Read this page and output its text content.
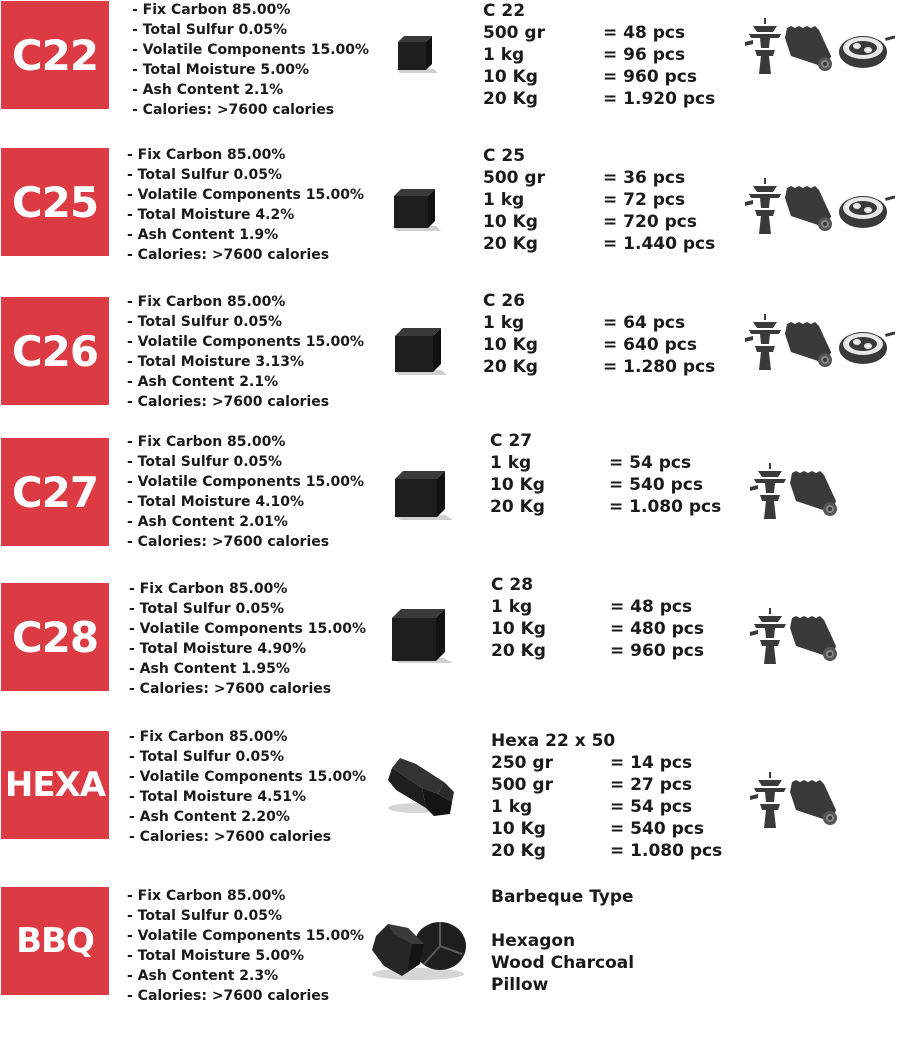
C22
- Fix Carbon 85.00%
- Total Sulfur 0.05%
- Volatile Components 15.00%
- Total Moisture 5.00%
- Ash Content 2.1%
- Calories: >7600 calories
C 22
500 gr	= 48 pcs
1 kg	= 96 pcs
10 Kg	= 960 pcs
20 Kg	= 1.920 pcs
C25
- Fix Carbon 85.00%
- Total Sulfur 0.05%
- Volatile Components 15.00%
- Total Moisture 4.2%
- Ash Content 1.9%
- Calories: >7600 calories
C 25
500 gr	= 36 pcs
1 kg	= 72 pcs
10 Kg	= 720 pcs
20 Kg	= 1.440 pcs
C26
- Fix Carbon 85.00%
- Total Sulfur 0.05%
- Volatile Components 15.00%
- Total Moisture 3.13%
- Ash Content 2.1%
- Calories: >7600 calories
C 26
1 kg	= 64 pcs
10 Kg	= 640 pcs
20 Kg	= 1.280 pcs
C27
- Fix Carbon 85.00%
- Total Sulfur 0.05%
- Volatile Components 15.00%
- Total Moisture 4.10%
- Ash Content 2.01%
- Calories: >7600 calories
C 27
1 kg	= 54 pcs
10 Kg	= 540 pcs
20 Kg	= 1.080 pcs
C28
- Fix Carbon 85.00%
- Total Sulfur 0.05%
- Volatile Components 15.00%
- Total Moisture 4.90%
- Ash Content 1.95%
- Calories: >7600 calories
C 28
1 kg	= 48 pcs
10 Kg	= 480 pcs
20 Kg	= 960 pcs
HEXA
- Fix Carbon 85.00%
- Total Sulfur 0.05%
- Volatile Components 15.00%
- Total Moisture 4.51%
- Ash Content 2.20%
- Calories: >7600 calories
Hexa 22 x 50
250 gr	= 14 pcs
500 gr	= 27 pcs
1 kg	= 54 pcs
10 Kg	= 540 pcs
20 Kg	= 1.080 pcs
BBQ
- Fix Carbon 85.00%
- Total Sulfur 0.05%
- Volatile Components 15.00%
- Total Moisture 5.00%
- Ash Content 2.3%
- Calories: >7600 calories
Barbeque Type
Hexagon
Wood Charcoal
Pillow
